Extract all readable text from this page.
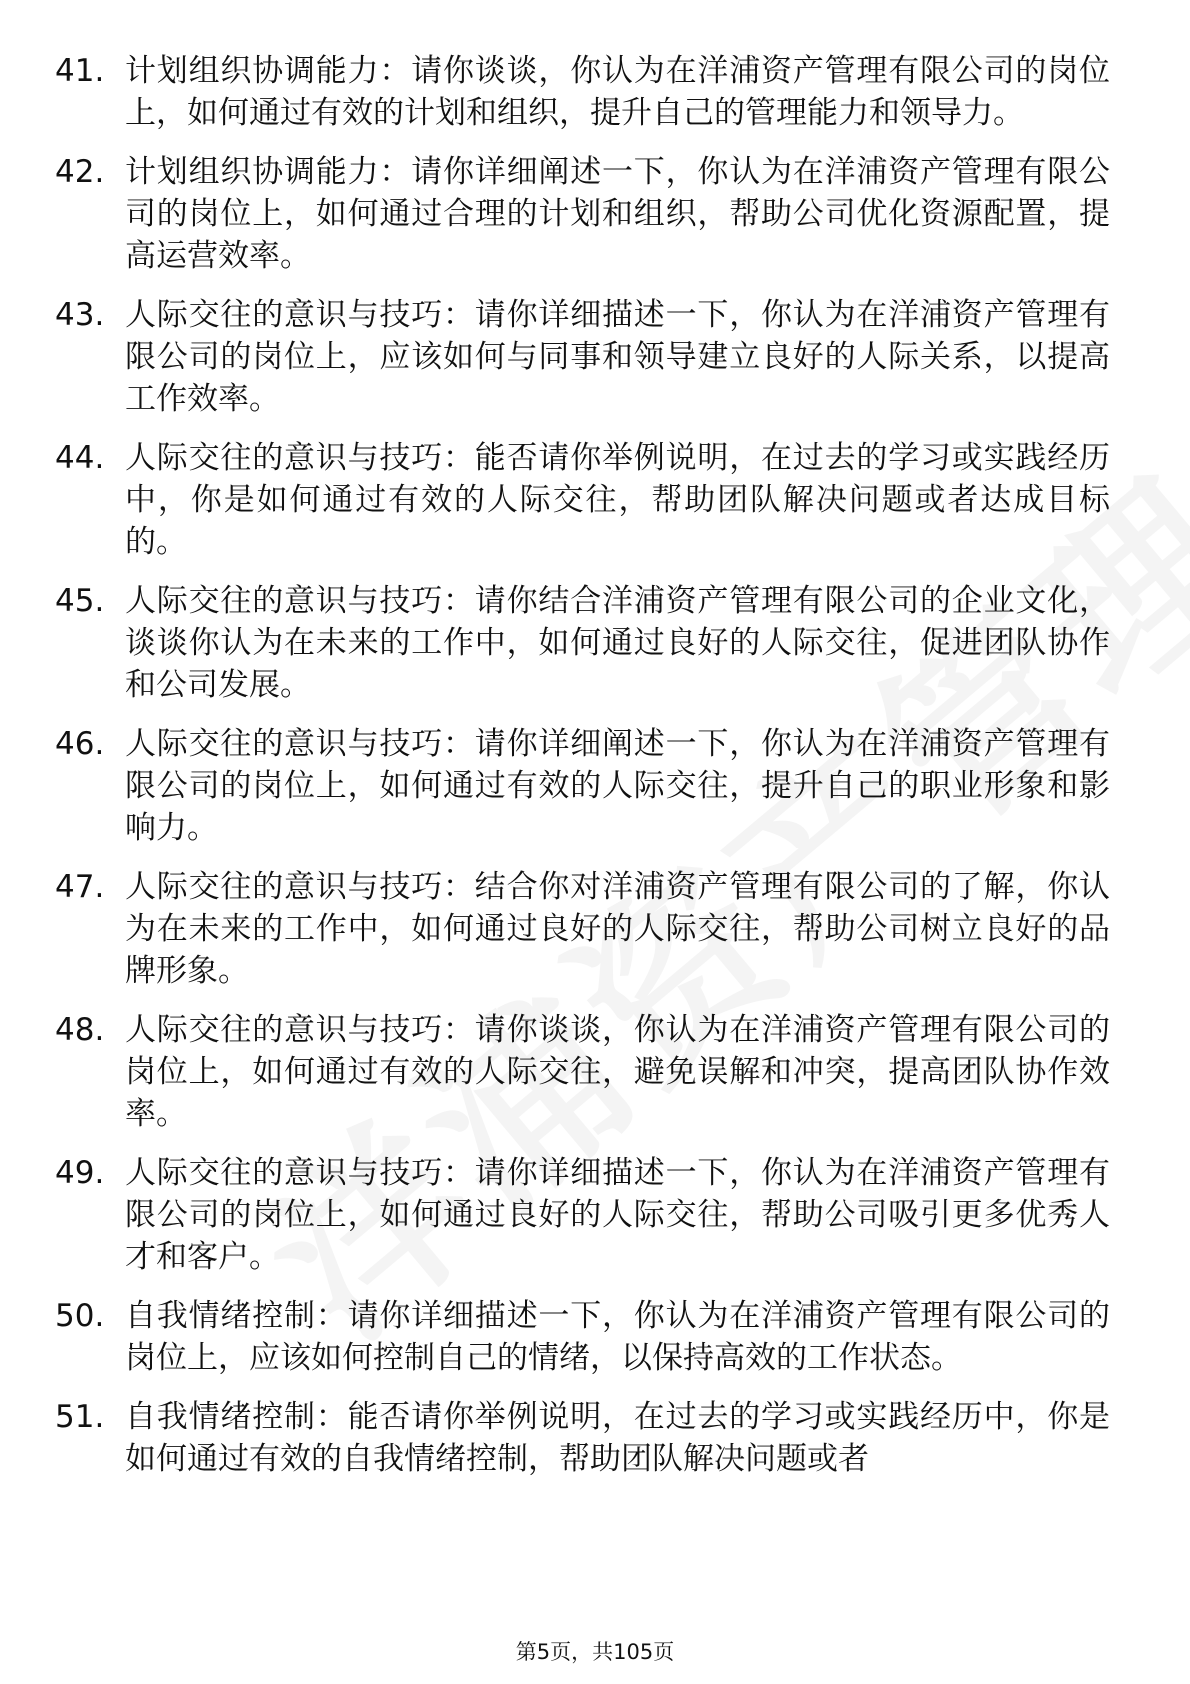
41. 计划组织协调能力：请你谈谈，你认为在洋浦资产管理有限公司的岗位上，如何通过有效的计划和组织，提升自己的管理能力和领导力。
42. 计划组织协调能力：请你详细阐述一下，你认为在洋浦资产管理有限公司的岗位上，如何通过合理的计划和组织，帮助公司优化资源配置，提高运营效率。
43. 人际交往的意识与技巧：请你详细描述一下，你认为在洋浦资产管理有限公司的岗位上，应该如何与同事和领导建立良好的人际关系，以提高工作效率。
44. 人际交往的意识与技巧：能否请你举例说明，在过去的学习或实践经历中，你是如何通过有效的人际交往，帮助团队解决问题或者达成目标的。
45. 人际交往的意识与技巧：请你结合洋浦资产管理有限公司的企业文化，谈谈你认为在未来的工作中，如何通过良好的人际交往，促进团队协作和公司发展。
46. 人际交往的意识与技巧：请你详细阐述一下，你认为在洋浦资产管理有限公司的岗位上，如何通过有效的人际交往，提升自己的职业形象和影响力。
47. 人际交往的意识与技巧：结合你对洋浦资产管理有限公司的了解，你认为在未来的工作中，如何通过良好的人际交往，帮助公司树立良好的品牌形象。
48. 人际交往的意识与技巧：请你谈谈，你认为在洋浦资产管理有限公司的岗位上，如何通过有效的人际交往，避免误解和冲突，提高团队协作效率。
49. 人际交往的意识与技巧：请你详细描述一下，你认为在洋浦资产管理有限公司的岗位上，如何通过良好的人际交往，帮助公司吸引更多优秀人才和客户。
50. 自我情绪控制：请你详细描述一下，你认为在洋浦资产管理有限公司的岗位上，应该如何控制自己的情绪，以保持高效的工作状态。
51. 自我情绪控制：能否请你举例说明，在过去的学习或实践经历中，你是如何通过有效的自我情绪控制，帮助团队解决问题或者
第5页，共105页
